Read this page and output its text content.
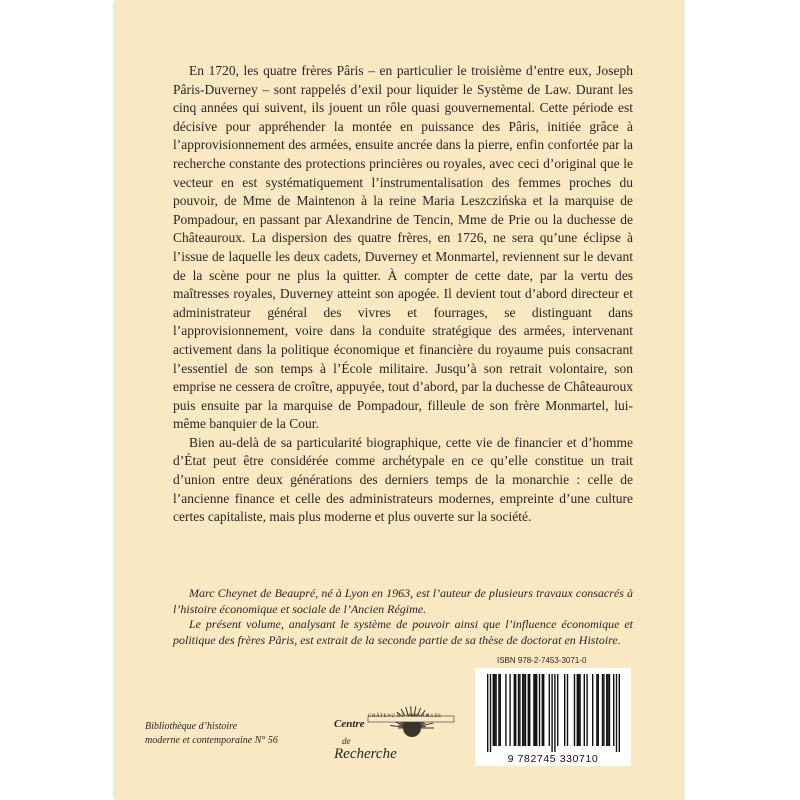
En 1720, les quatre frères Pâris – en particulier le troisième d’entre eux, Joseph Pâris-Duverney – sont rappelés d’exil pour liquider le Système de Law. Durant les cinq années qui suivent, ils jouent un rôle quasi gouvernemental. Cette période est décisive pour appréhender la montée en puissance des Pâris, initiée grâce à l’approvisionnement des armées, ensuite ancrée dans la pierre, enfin confortée par la recherche constante des protections princières ou royales, avec ceci d’original que le vecteur en est systématiquement l’instrumentalisation des femmes proches du pouvoir, de Mme de Maintenon à la reine Maria Leszczińska et la marquise de Pompadour, en passant par Alexandrine de Tencin, Mme de Prie ou la duchesse de Châteauroux. La dispersion des quatre frères, en 1726, ne sera qu’une éclipse à l’issue de laquelle les deux cadets, Duverney et Monmartel, reviennent sur le devant de la scène pour ne plus la quitter. À compter de cette date, par la vertu des maîtresses royales, Duverney atteint son apogée. Il devient tout d’abord directeur et administrateur général des vivres et fourrages, se distinguant dans l’approvisionnement, voire dans la conduite stratégique des armées, intervenant activement dans la politique économique et financière du royaume puis consacrant l’essentiel de son temps à l’École militaire. Jusqu’à son retrait volontaire, son emprise ne cessera de croître, appuyée, tout d’abord, par la duchesse de Châteauroux puis ensuite par la marquise de Pompadour, filleule de son frère Monmartel, lui-même banquier de la Cour.

Bien au-delà de sa particularité biographique, cette vie de financier et d’homme d’État peut être considérée comme archétypale en ce qu’elle constitue un trait d’union entre deux générations des derniers temps de la monarchie : celle de l’ancienne finance et celle des administrateurs modernes, empreinte d’une culture certes capitaliste, mais plus moderne et plus ouverte sur la société.

Marc Cheynet de Beaupré, né à Lyon en 1963, est l’auteur de plusieurs travaux consacrés à l’histoire économique et sociale de l’Ancien Régime.

Le présent volume, analysant le système de pouvoir ainsi que l’influence économique et politique des frères Pâris, est extrait de la seconde partie de sa thèse de doctorat en Histoire.

Bibliothèque d’histoire
moderne et contemporaine N° 56
CHÂTEAU DE VERSAILLES
Centre
de
Recherche
ISBN 978-2-7453-3071-0
9 782745 330710
